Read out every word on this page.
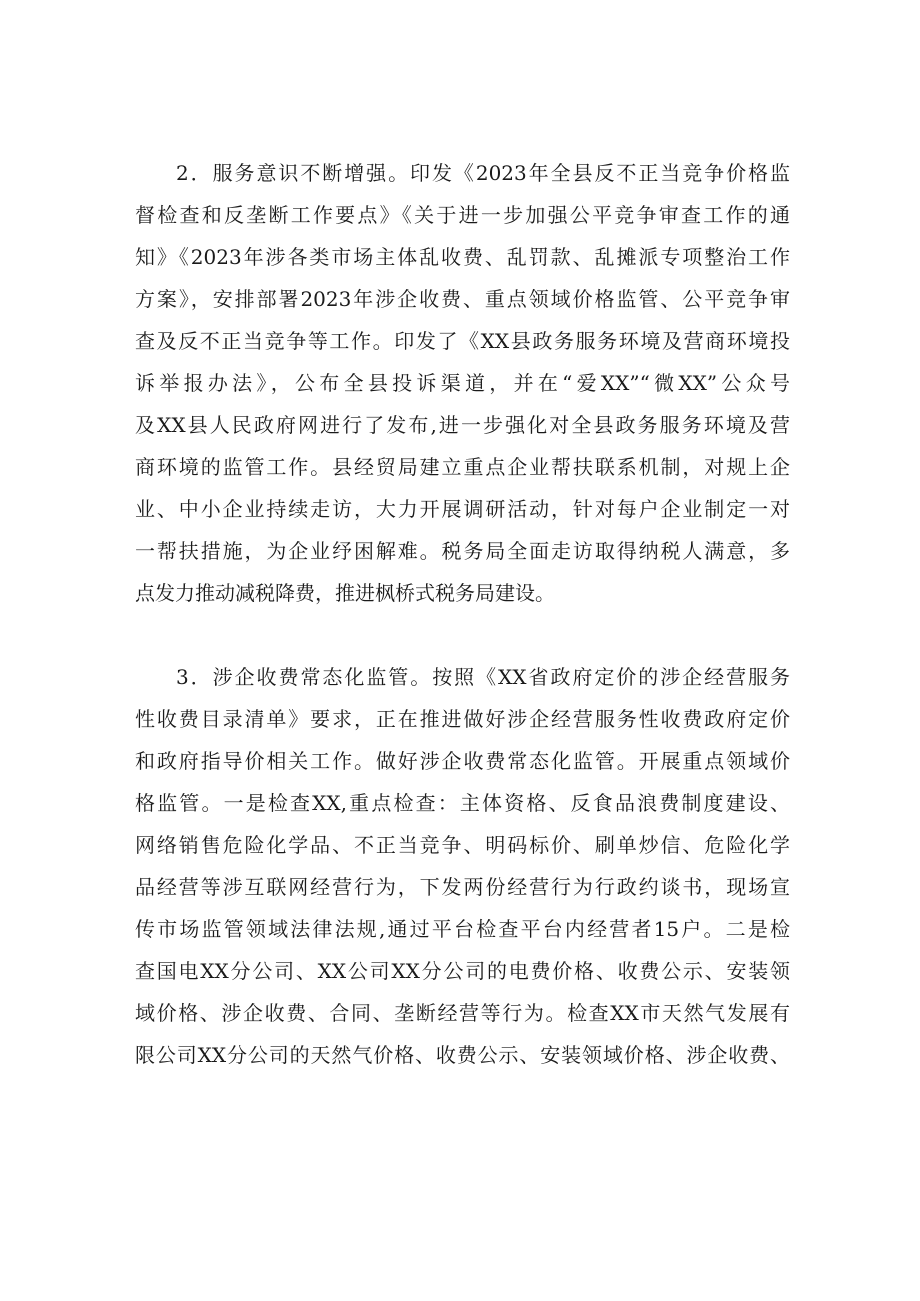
2．服务意识不断增强。印发《2023年全县反不正当竞争价格监
督检查和反垄断工作要点》《关于进一步加强公平竞争审查工作的通
知》《2023年涉各类市场主体乱收费、乱罚款、乱摊派专项整治工作
方案》，安排部署2023年涉企收费、重点领域价格监管、公平竞争审
查及反不正当竞争等工作。印发了《XX县政务服务环境及营商环境投
诉举报办法》，公布全县投诉渠道，并在“爱XX”“微XX”公众号
及XX县人民政府网进行了发布,进一步强化对全县政务服务环境及营
商环境的监管工作。县经贸局建立重点企业帮扶联系机制，对规上企
业、中小企业持续走访，大力开展调研活动，针对每户企业制定一对
一帮扶措施，为企业纾困解难。税务局全面走访取得纳税人满意，多
点发力推动减税降费，推进枫桥式税务局建设。
3．涉企收费常态化监管。按照《XX省政府定价的涉企经营服务
性收费目录清单》要求，正在推进做好涉企经营服务性收费政府定价
和政府指导价相关工作。做好涉企收费常态化监管。开展重点领域价
格监管。一是检查XX,重点检查：主体资格、反食品浪费制度建设、
网络销售危险化学品、不正当竞争、明码标价、刷单炒信、危险化学
品经营等涉互联网经营行为，下发两份经营行为行政约谈书，现场宣
传市场监管领域法律法规,通过平台检查平台内经营者15户。二是检
查国电XX分公司、XX公司XX分公司的电费价格、收费公示、安装领
域价格、涉企收费、合同、垄断经营等行为。检查XX市天然气发展有
限公司XX分公司的天然气价格、收费公示、安装领域价格、涉企收费、
